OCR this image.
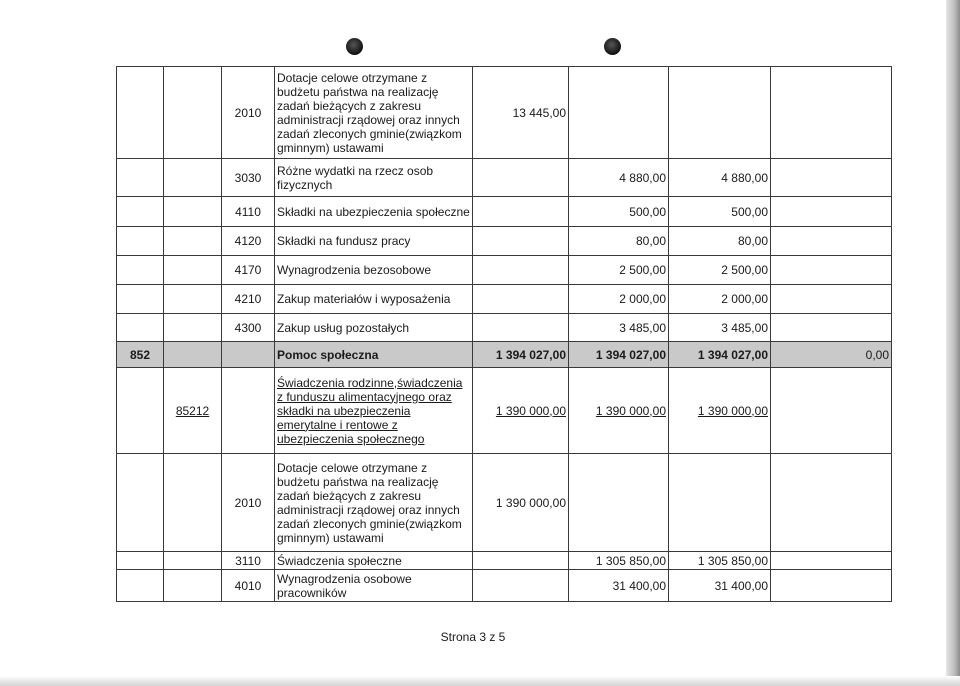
		2010	Dotacje celowe otrzymane z budżetu państwa na realizację zadań bieżących z zakresu administracji rządowej oraz innych zadań zleconych gminie(związkom gminnym) ustawami	13 445,00			
		3030	Różne wydatki na rzecz osob fizycznych		4 880,00	4 880,00	
		4110	Składki na ubezpieczenia społeczne		500,00	500,00	
		4120	Składki na fundusz pracy		80,00	80,00	
		4170	Wynagrodzenia bezosobowe		2 500,00	2 500,00	
		4210	Zakup materiałów i wyposażenia		2 000,00	2 000,00	
		4300	Zakup usług pozostałych		3 485,00	3 485,00	
852			Pomoc społeczna	1 394 027,00	1 394 027,00	1 394 027,00	0,00
	85212		Świadczenia rodzinne,świadczenia z funduszu alimentacyjnego oraz składki na ubezpieczenia emerytalne i rentowe z ubezpieczenia społecznego	1 390 000,00	1 390 000,00	1 390 000,00	
		2010	Dotacje celowe otrzymane z budżetu państwa na realizację zadań bieżących z zakresu administracji rządowej oraz innych zadań zleconych gminie(związkom gminnym) ustawami	1 390 000,00			
		3110	Świadczenia społeczne		1 305 850,00	1 305 850,00	
		4010	Wynagrodzenia osobowe pracowników		31 400,00	31 400,00	
Strona 3 z 5
